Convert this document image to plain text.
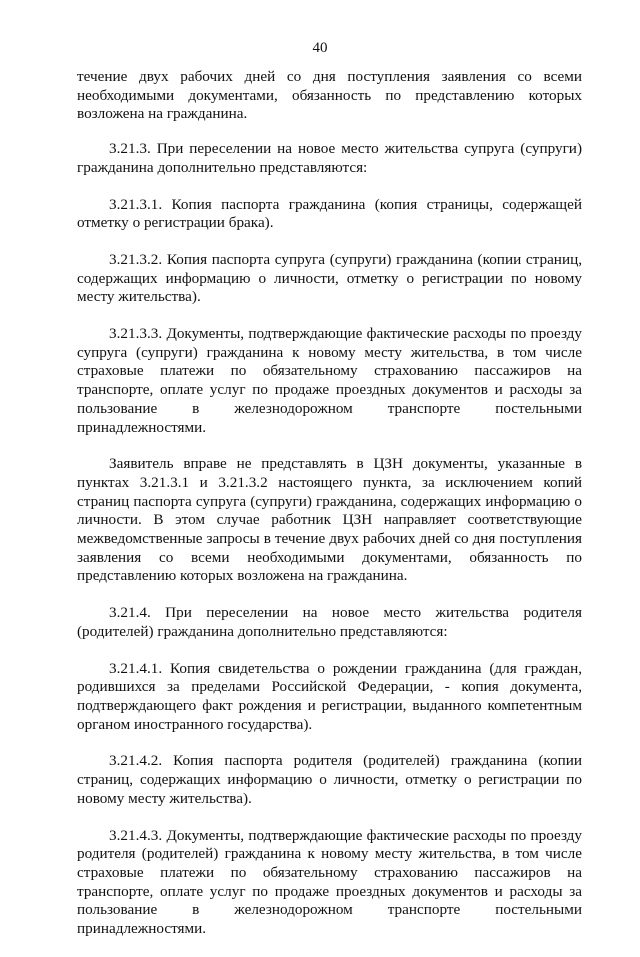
40

течение двух рабочих дней со дня поступления заявления со всеми необходимыми документами, обязанность по представлению которых возложена на гражданина.

3.21.3. При переселении на новое место жительства супруга (супруги) гражданина дополнительно представляются:

3.21.3.1. Копия паспорта гражданина (копия страницы, содержащей отметку о регистрации брака).

3.21.3.2. Копия паспорта супруга (супруги) гражданина (копии страниц, содержащих информацию о личности, отметку о регистрации по новому месту жительства).

3.21.3.3. Документы, подтверждающие фактические расходы по проезду супруга (супруги) гражданина к новому месту жительства, в том числе страховые платежи по обязательному страхованию пассажиров на транспорте, оплате услуг по продаже проездных документов и расходы за пользование в железнодорожном транспорте постельными принадлежностями.

Заявитель вправе не представлять в ЦЗН документы, указанные в пунктах 3.21.3.1 и 3.21.3.2 настоящего пункта, за исключением копий страниц паспорта супруга (супруги) гражданина, содержащих информацию о личности. В этом случае работник ЦЗН направляет соответствующие межведомственные запросы в течение двух рабочих дней со дня поступления заявления со всеми необходимыми документами, обязанность по представлению которых возложена на гражданина.

3.21.4. При переселении на новое место жительства родителя (родителей) гражданина дополнительно представляются:

3.21.4.1. Копия свидетельства о рождении гражданина (для граждан, родившихся за пределами Российской Федерации, - копия документа, подтверждающего факт рождения и регистрации, выданного компетентным органом иностранного государства).

3.21.4.2. Копия паспорта родителя (родителей) гражданина (копии страниц, содержащих информацию о личности, отметку о регистрации по новому месту жительства).

3.21.4.3. Документы, подтверждающие фактические расходы по проезду родителя (родителей) гражданина к новому месту жительства, в том числе страховые платежи по обязательному страхованию пассажиров на транспорте, оплате услуг по продаже проездных документов и расходы за пользование в железнодорожном транспорте постельными принадлежностями.
